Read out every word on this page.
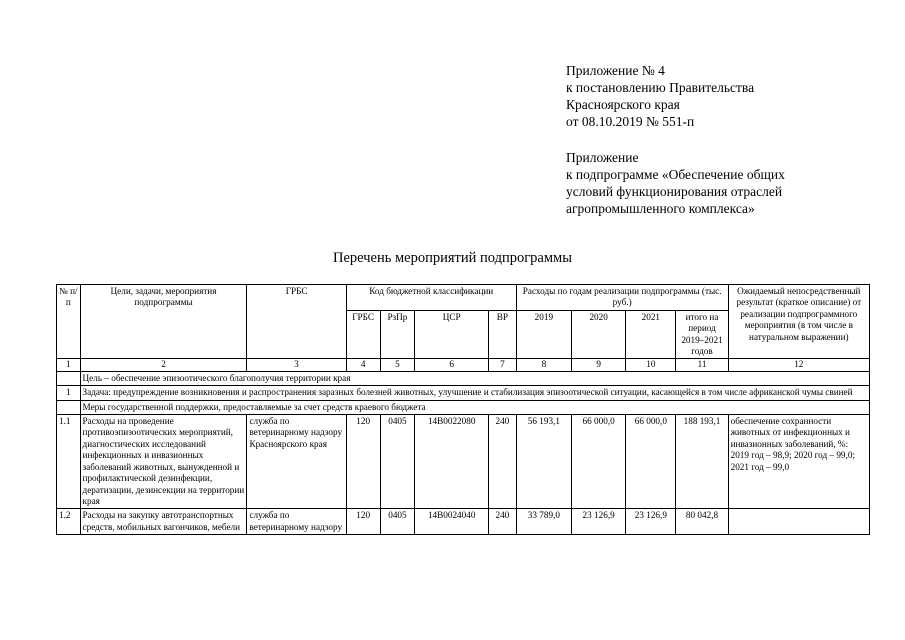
Приложение № 4
к постановлению Правительства
Красноярского края
от 08.10.2019 № 551-п
Приложение
к подпрограмме «Обеспечение общих
условий функционирования отраслей
агропромышленного комплекса»
Перечень мероприятий подпрограммы
№ п/п	Цели, задачи, мероприятия подпрограммы	ГРБС	Код бюджетной классификации				Расходы по годам реализации подпрограммы (тыс. руб.)				Ожидаемый непосредственный результат (краткое описание) от реализации подпрограммного мероприятия (в том числе в натуральном выражении)
			ГРБС	РзПр	ЦСР	ВР	2019	2020	2021	итого на период 2019–2021 годов	
1	2	3	4	5	6	7	8	9	10	11	12
	Цель – обеспечение эпизоотического благополучия территории края										
1	Задача: предупреждение возникновения и распространения заразных болезней животных, улучшение и стабилизация эпизоотической ситуации, касающейся в том числе африканской чумы свиней										
	Меры государственной поддержки, предоставляемые за счет средств краевого бюджета										
1.1	Расходы на проведение противоэпизоотических мероприятий, диагностических исследований инфекционных и инвазионных заболеваний животных, вынужденной и профилактической дезинфекции, дератизации, дезинсекции на территории края	служба по ветеринарному надзору Красноярского края	120	0405	14В0022080	240	56 193,1	66 000,0	66 000,0	188 193,1	обеспечение сохранности животных от инфекционных и инвазионных заболеваний, %: 2019 год – 98,9; 2020 год – 99,0; 2021 год – 99,0
1.2	Расходы на закупку автотранспортных средств, мобильных вагончиков, мебели	служба по ветеринарному надзору	120	0405	14В0024040	240	33 789,0	23 126,9	23 126,9	80 042,8	
